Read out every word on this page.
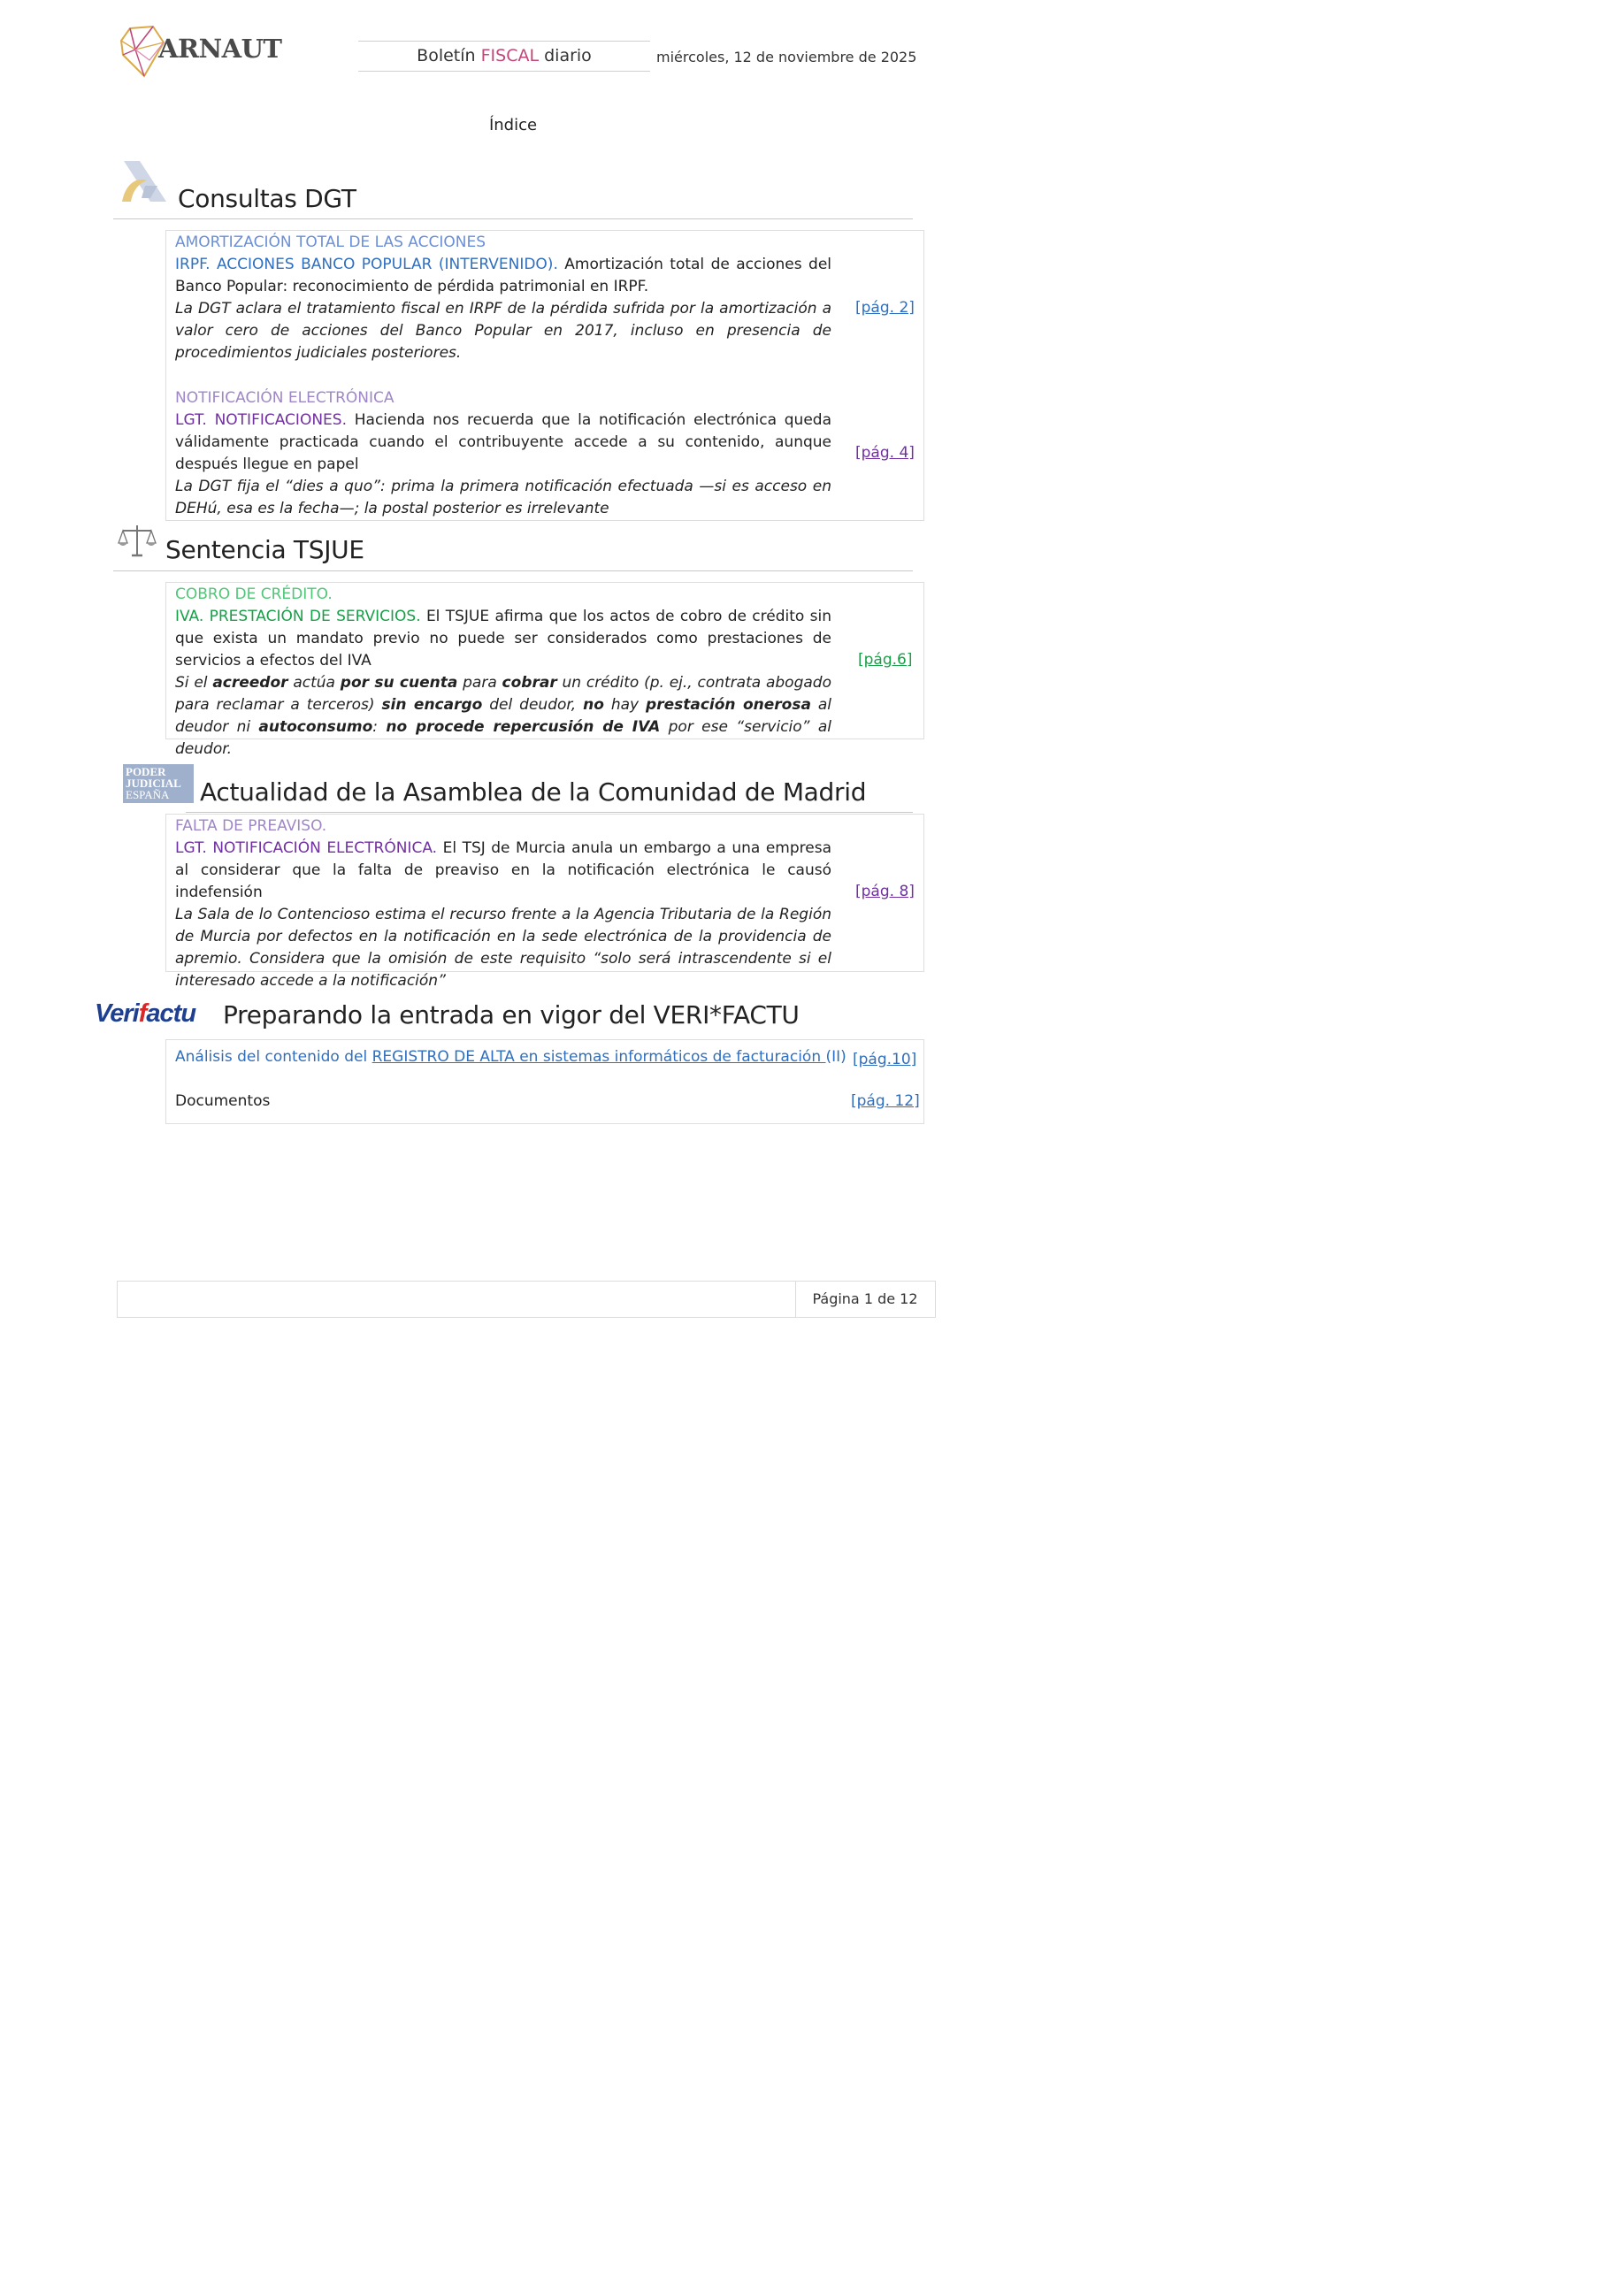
ARNAUT	Boletín FISCAL diario	miércoles, 12 de noviembre de 2025
Índice
Consultas DGT
AMORTIZACIÓN TOTAL DE LAS ACCIONES
IRPF. ACCIONES BANCO POPULAR (INTERVENIDO). Amortización total de acciones del Banco Popular: reconocimiento de pérdida patrimonial en IRPF.
La DGT aclara el tratamiento fiscal en IRPF de la pérdida sufrida por la amortización a valor cero de acciones del Banco Popular en 2017, incluso en presencia de procedimientos judiciales posteriores.
[pág. 2]
NOTIFICACIÓN ELECTRÓNICA
LGT. NOTIFICACIONES. Hacienda nos recuerda que la notificación electrónica queda válidamente practicada cuando el contribuyente accede a su contenido, aunque después llegue en papel
La DGT fija el “dies a quo”: prima la primera notificación efectuada —si es acceso en DEHú, esa es la fecha—; la postal posterior es irrelevante
[pág. 4]
Sentencia TSJUE
COBRO DE CRÉDITO.
IVA. PRESTACIÓN DE SERVICIOS. El TSJUE afirma que los actos de cobro de crédito sin que exista un mandato previo no puede ser considerados como prestaciones de servicios a efectos del IVA
Si el acreedor actúa por su cuenta para cobrar un crédito (p. ej., contrata abogado para reclamar a terceros) sin encargo del deudor, no hay prestación onerosa al deudor ni autoconsumo: no procede repercusión de IVA por ese “servicio” al deudor.
[pág.6]
PODER
JUDICIAL
ESPAÑA	Actualidad de la Asamblea de la Comunidad de Madrid
FALTA DE PREAVISO.
LGT. NOTIFICACIÓN ELECTRÓNICA. El TSJ de Murcia anula un embargo a una empresa al considerar que la falta de preaviso en la notificación electrónica le causó indefensión
La Sala de lo Contencioso estima el recurso frente a la Agencia Tributaria de la Región de Murcia por defectos en la notificación en la sede electrónica de la providencia de apremio. Considera que la omisión de este requisito “solo será intrascendente si el interesado accede a la notificación”
[pág. 8]
Verifactu Preparando la entrada en vigor del VERI*FACTU
Análisis del contenido del REGISTRO DE ALTA en sistemas informáticos de facturación (II) [pág.10]
Documentos	[pág. 12]
Página 1 de 12
